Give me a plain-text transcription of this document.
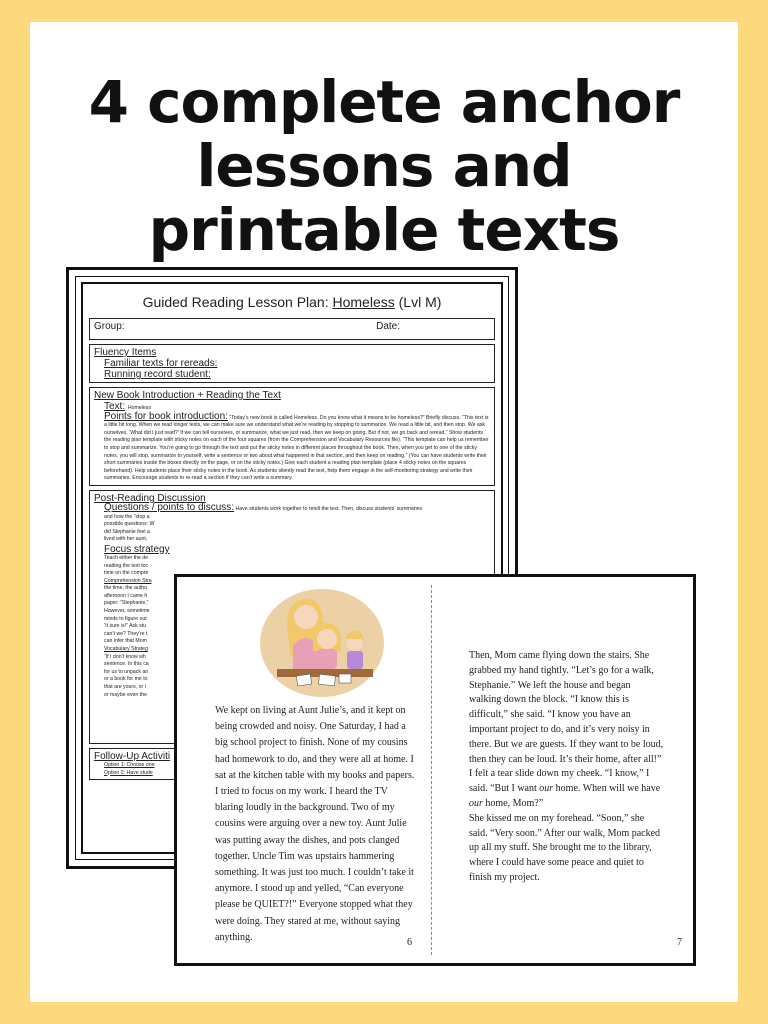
4 complete anchor
lessons and
printable texts
Guided Reading Lesson Plan: Homeless (Lvl M)
Group:	Date:
Fluency Items
Familiar texts for rereads:
Running record student:
New Book Introduction + Reading the Text
Text: Homeless
Points for book introduction: “Today’s new book is called Homeless. Do you know what it means to be homeless?” Briefly discuss. “This text is a little bit long. When we read longer texts, we can make sure we understand what we’re reading by stopping to summarize. We read a little bit, and then stop. We ask ourselves, ‘What did I just read?’ If we can tell ourselves, or summarize, what we just read, then we keep on going. But if not, we go back and reread.” Show students the reading plan template with sticky notes on each of the four squares (from the Comprehension and Vocabulary Resources file). “This template can help us remember to stop and summarize. You’re going to go through the text and put the sticky notes in different places throughout the book. Then, when you get to one of the sticky notes, you will stop, summarize to yourself, write a sentence or two about what happened in that section, and then keep on reading.” (You can have students write their short summaries inside the boxes directly on the page, or on the sticky notes.) Give each student a reading plan template (place 4 sticky notes on the squares beforehand). Help students place their sticky notes in the book. As students silently read the text, help them engage in the self-monitoring strategy and write their summaries. Encourage students to re-read a section if they can’t write a summary.
Post-Reading Discussion
Questions / points to discuss: Have students work together to retell the text. Then, discuss students’ summaries
and how the “stop a
possible questions: W
did Stephanie feel a
lived with her aunt,
Focus strategy
Teach either the de
reading the text toc
time on the compre
Comprehension Stra
the time, the autho
afternoon I came h
paper: “Stephanie,”
However, sometime
minds to figure out
‘It sure is!” Ask stu
can’t we? They’re t
can infer that Mom
Vocabulary Strateg
“If I don’t know wh
sentence. In this ca
for us to unpack an
or a book for me to
that are yours, or l
or maybe even the
Follow-Up Activiti
Option 1: Choose one
Option 2: Have stude
We kept on living at Aunt Julie’s, and it kept on being crowded and noisy. One Saturday, I had a big school project to finish. None of my cousins had homework to do, and they were all at home. I sat at the kitchen table with my books and papers. I tried to focus on my work. I heard the TV blaring loudly in the background. Two of my cousins were arguing over a new toy. Aunt Julie was putting away the dishes, and pots clanged together. Uncle Tim was upstairs hammering something. It was just too much. I couldn’t take it anymore. I stood up and yelled, “Can everyone please be QUIET?!” Everyone stopped what they were doing. They stared at me, without saying anything.	6
Then, Mom came flying down the stairs. She grabbed my hand tightly. “Let’s go for a walk, Stephanie.” We left the house and began walking down the block. “I know this is difficult,” she said. “I know you have an important project to do, and it’s very noisy in there. But we are guests. If they want to be loud, then they can be loud. It’s their home, after all!”
I felt a tear slide down my cheek. “I know,” I said. “But I want our home. When will we have our home, Mom?”
She kissed me on my forehead. “Soon,” she said. “Very soon.” After our walk, Mom packed up all my stuff. She brought me to the library, where I could have some peace and quiet to finish my project.
7
